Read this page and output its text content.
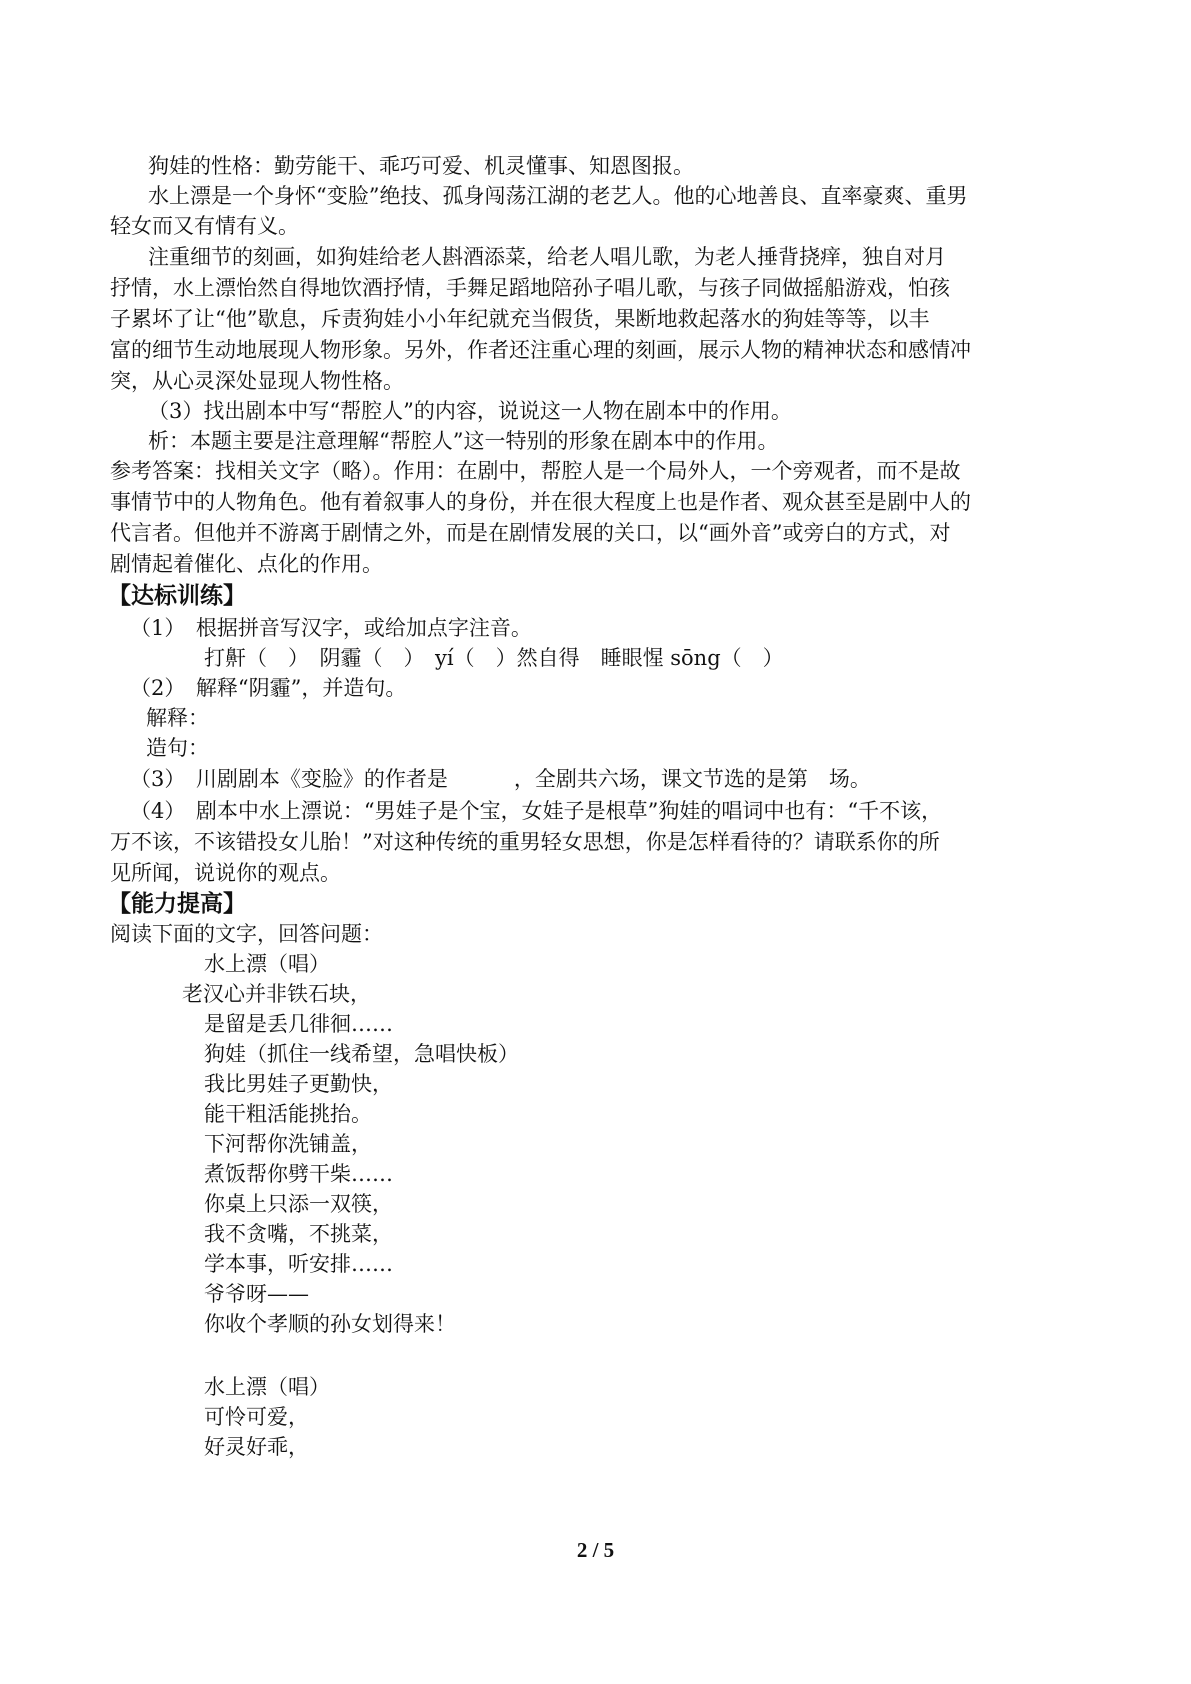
狗娃的性格：勤劳能干、乖巧可爱、机灵懂事、知恩图报。
水上漂是一个身怀“变脸”绝技、孤身闯荡江湖的老艺人。他的心地善良、直率豪爽、重男
轻女而又有情有义。
注重细节的刻画，如狗娃给老人斟酒添菜，给老人唱儿歌，为老人捶背挠痒，独自对月
抒情，水上漂怡然自得地饮酒抒情，手舞足蹈地陪孙子唱儿歌，与孩子同做摇船游戏，怕孩
子累坏了让“他”歇息，斥责狗娃小小年纪就充当假货，果断地救起落水的狗娃等等，以丰
富的细节生动地展现人物形象。另外，作者还注重心理的刻画，展示人物的精神状态和感情冲
突，从心灵深处显现人物性格。
（3）找出剧本中写“帮腔人”的内容，说说这一人物在剧本中的作用。
析：本题主要是注意理解“帮腔人”这一特别的形象在剧本中的作用。
参考答案：找相关文字（略）。作用：在剧中，帮腔人是一个局外人，一个旁观者，而不是故
事情节中的人物角色。他有着叙事人的身份，并在很大程度上也是作者、观众甚至是剧中人的
代言者。但他并不游离于剧情之外，而是在剧情发展的关口，以“画外音”或旁白的方式，对
剧情起着催化、点化的作用。
【达标训练】
（1）　根据拼音写汉字，或给加点字注音。
打鼾（　）　阴霾（　）　yí（　）然自得　睡眼惺 sōng（　）
（2）　解释“阴霾”，并造句。
解释：
造句：
（3）　川剧剧本《变脸》的作者是	，全剧共六场，课文节选的是第　场。
（4）　剧本中水上漂说：“男娃子是个宝，女娃子是根草”狗娃的唱词中也有：“千不该，
万不该，不该错投女儿胎！”对这种传统的重男轻女思想，你是怎样看待的？请联系你的所
见所闻，说说你的观点。
【能力提高】
阅读下面的文字，回答问题：
水上漂（唱）
老汉心并非铁石块，
是留是丢几徘徊……
狗娃（抓住一线希望，急唱快板）
我比男娃子更勤快，
能干粗活能挑抬。
下河帮你洗铺盖，
煮饭帮你劈干柴……
你桌上只添一双筷，
我不贪嘴，不挑菜，
学本事，听安排……
爷爷呀——
你收个孝顺的孙女划得来！
水上漂（唱）
可怜可爱，
好灵好乖，
2 / 5
